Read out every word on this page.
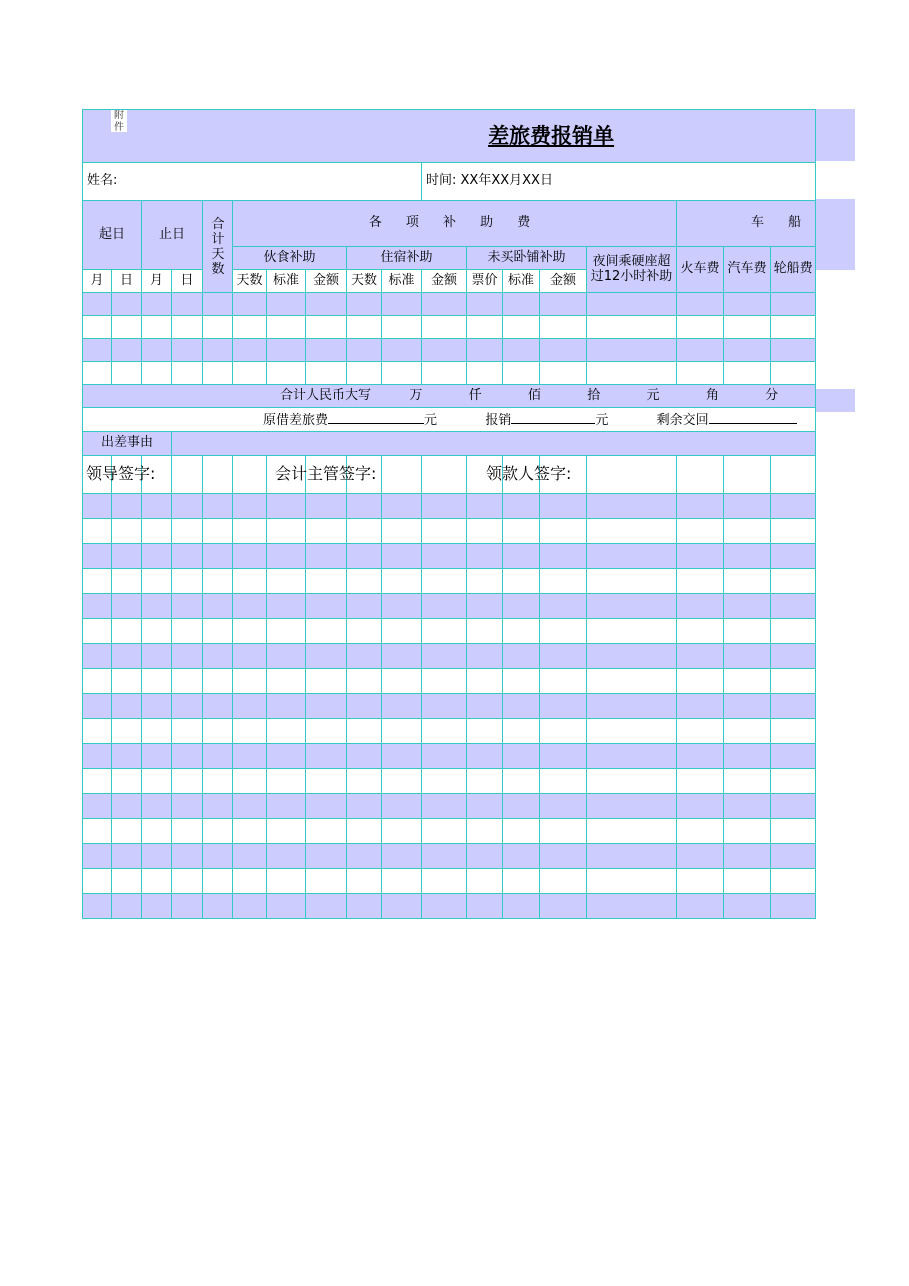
附件 差旅费报销单																	
姓名:										时间: XX年XX月XX日							
起日		止日		合计天数	各 项 补 助 费										车 船		
					伙食补助			住宿补助			未买卧铺补助			夜间乘硬座超过12小时补助	火车费	汽车费	轮船费
月	日	月	日		天数	标准	金额	天数	标准	金额	票价	标准	金额				

合计人民币大写 万 仟 佰 拾 元 角 分																	
原借差旅费 元 报销 元 剩余交回																	
出差事由																	

领导签字:						会计主管签字:					领款人签字:						
